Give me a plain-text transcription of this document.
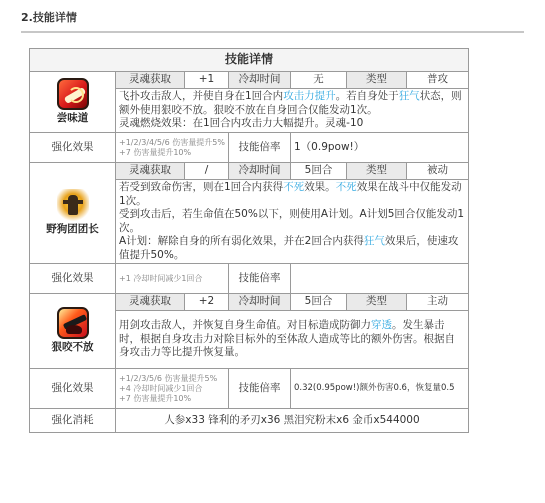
2.技能详情
技能详情						

尝味道	灵魂获取	+1	冷却时间	无	类型	普攻
	飞扑攻击敌人，并使自身在1回合内攻击力提升。若自身处于狂气状态，则额外使用狠咬不放。狠咬不放在自身回合仅能发动1次。
灵魂燃烧效果：在1回合内攻击力大幅提升。灵魂-10					
强化效果	+1/2/3/4/5/6 伤害量提升5%
+7 伤害量提升10%		技能倍率	1（0.9pow!）		

野狗团团长	灵魂获取	/	冷却时间	5回合	类型	被动
	若受到致命伤害，则在1回合内获得不死效果。不死效果在战斗中仅能发动1次。
受到攻击后，若生命值在50%以下，则使用A计划。A计划5回合仅能发动1次。
A计划：解除自身的所有弱化效果，并在2回合内获得狂气效果后，使速攻值提升50%。					
强化效果	+1 冷却时间减少1回合		技能倍率			

狠咬不放	灵魂获取	+2	冷却时间	5回合	类型	主动
	用剑攻击敌人，并恢复自身生命值。对目标造成防御力穿透。发生暴击时，根据自身攻击力对除目标外的至体敌人造成等比的额外伤害。根据自身攻击力等比提升恢复量。					
强化效果	+1/2/3/5/6 伤害量提升5%
+4 冷却时间减少1回合
+7 伤害量提升10%		技能倍率	0.32(0.95pow!)额外伤害0.6，恢复量0.5		
强化消耗	人参x33 锋利的矛刃x36 黑泪究粉末x6 金币x544000					
